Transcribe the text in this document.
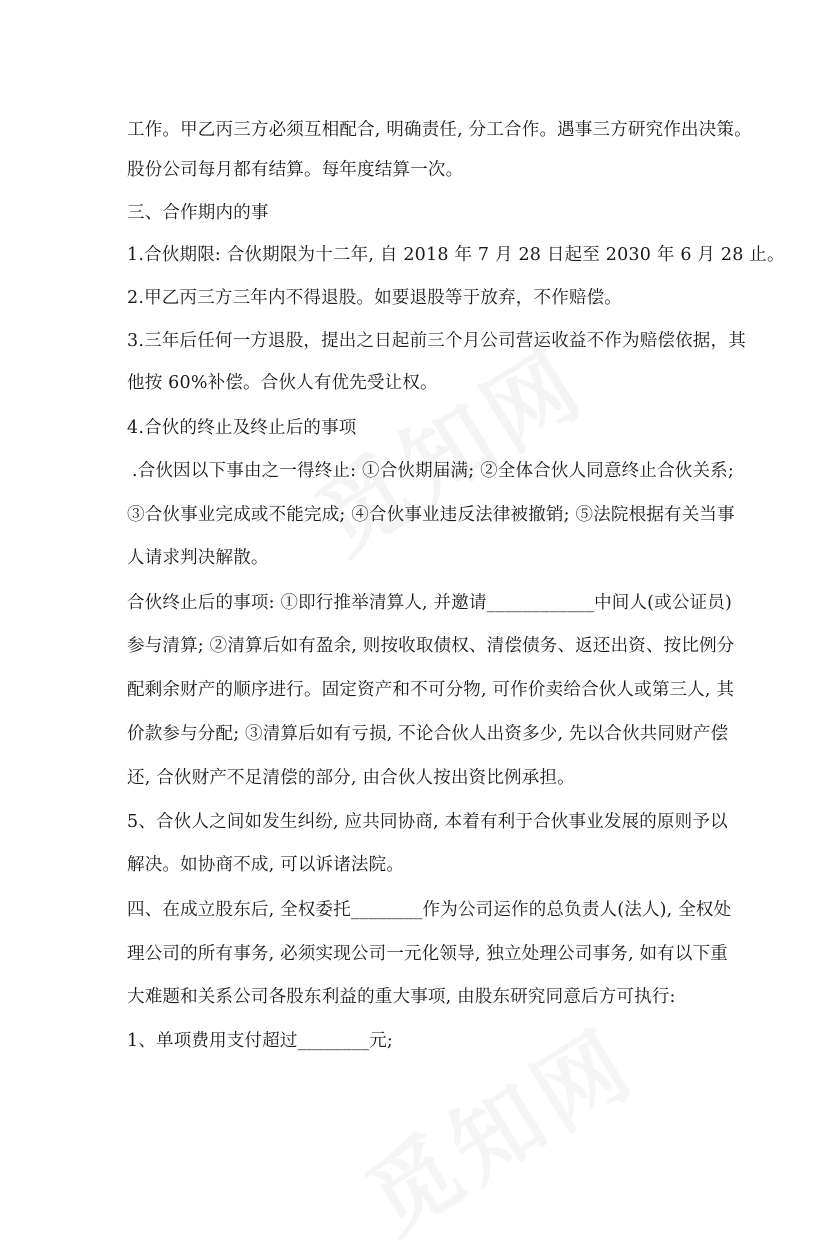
工作。甲乙丙三方必须互相配合, 明确责任, 分工合作。遇事三方研究作出决策。
股份公司每月都有结算。每年度结算一次。
三、合作期内的事
1.合伙期限: 合伙期限为十二年, 自 2018 年 7 月 28 日起至 2030 年 6 月 28 止。
2.甲乙丙三方三年内不得退股。如要退股等于放弃，不作赔偿。
3.三年后任何一方退股，提出之日起前三个月公司营运收益不作为赔偿依据，其
他按 60%补偿。合伙人有优先受让权。
4.合伙的终止及终止后的事项
.合伙因以下事由之一得终止: ①合伙期届满; ②全体合伙人同意终止合伙关系;
③合伙事业完成或不能完成; ④合伙事业违反法律被撤销; ⑤法院根据有关当事
人请求判决解散。
合伙终止后的事项: ①即行推举清算人, 并邀请____________中间人(或公证员)
参与清算; ②清算后如有盈余, 则按收取债权、清偿债务、返还出资、按比例分
配剩余财产的顺序进行。固定资产和不可分物, 可作价卖给合伙人或第三人, 其
价款参与分配; ③清算后如有亏损, 不论合伙人出资多少, 先以合伙共同财产偿
还, 合伙财产不足清偿的部分, 由合伙人按出资比例承担。
5、合伙人之间如发生纠纷, 应共同协商, 本着有利于合伙事业发展的原则予以
解决。如协商不成, 可以诉诸法院。
四、在成立股东后, 全权委托________作为公司运作的总负责人(法人), 全权处
理公司的所有事务, 必须实现公司一元化领导, 独立处理公司事务, 如有以下重
大难题和关系公司各股东利益的重大事项, 由股东研究同意后方可执行:
1、单项费用支付超过________元;
